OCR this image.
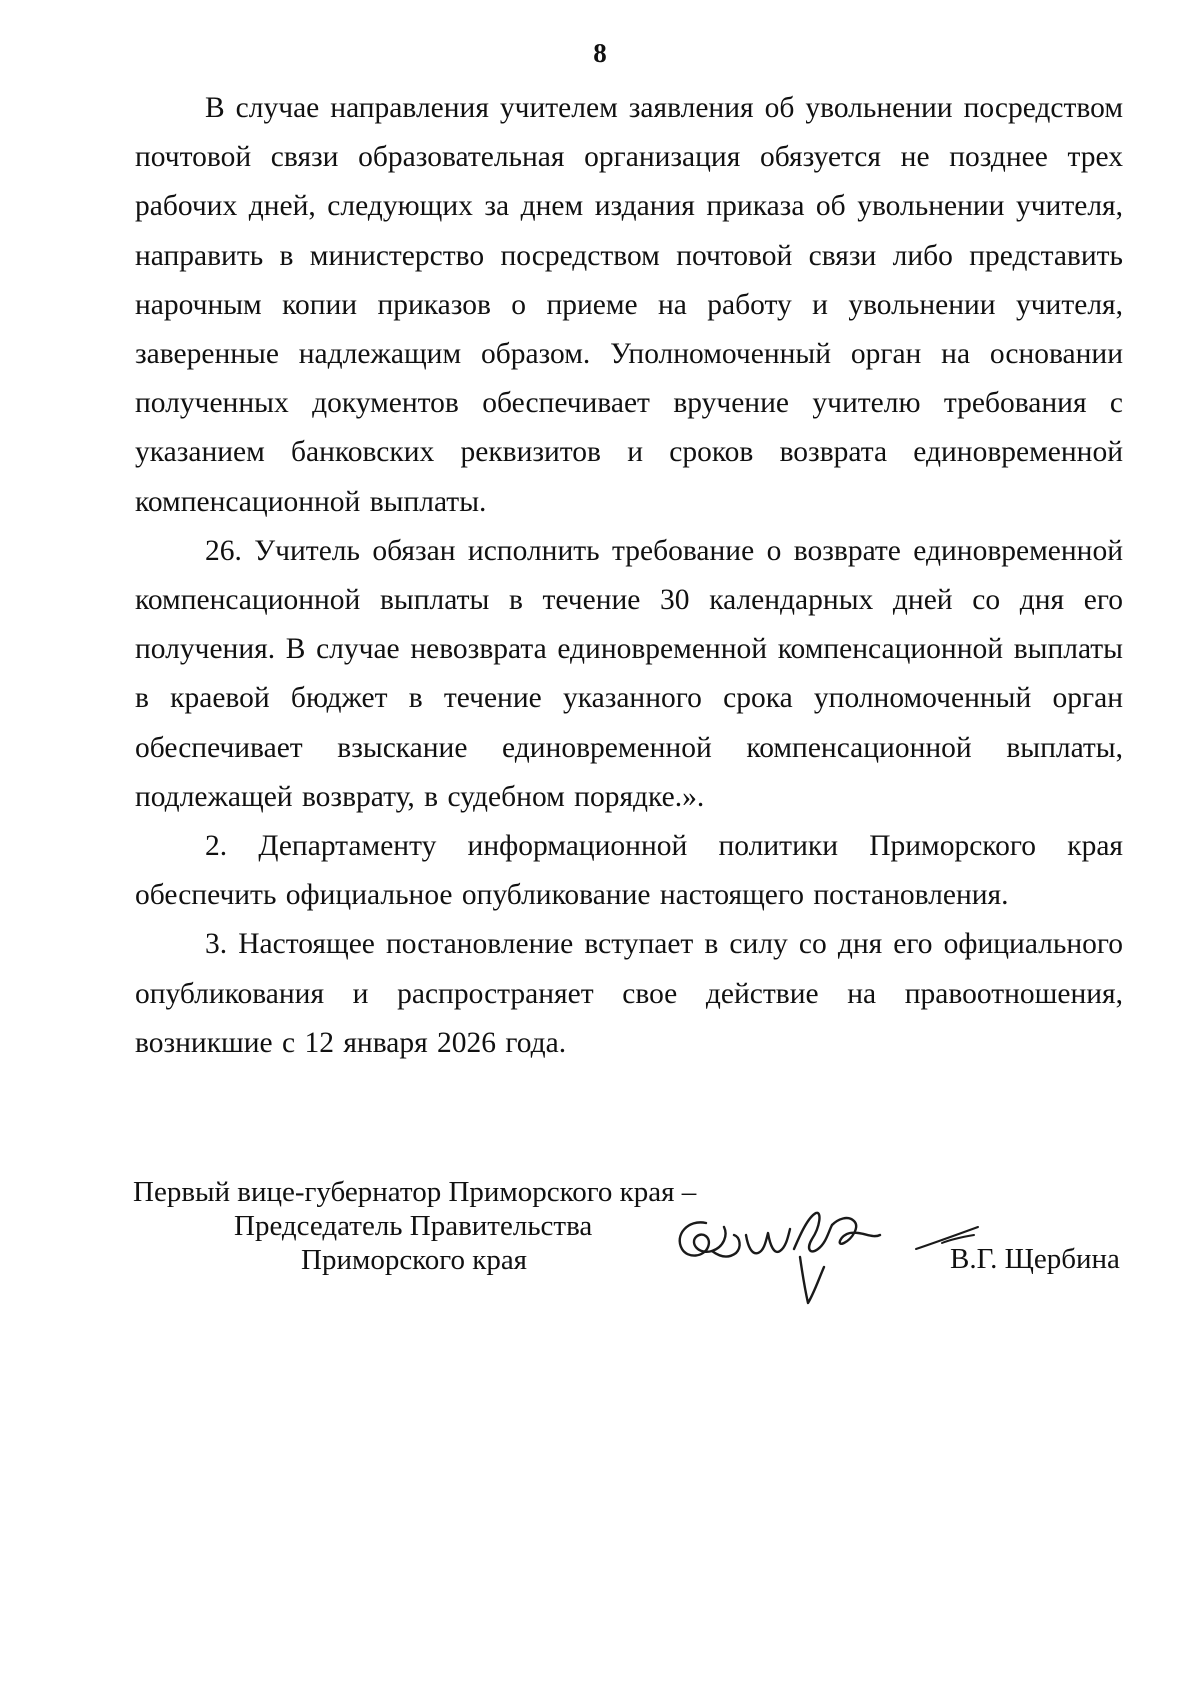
8

В случае направления учителем заявления об увольнении посредством почтовой связи образовательная организация обязуется не позднее трех рабочих дней, следующих за днем издания приказа об увольнении учителя, направить в министерство посредством почтовой связи либо представить нарочным копии приказов о приеме на работу и увольнении учителя, заверенные надлежащим образом. Уполномоченный орган на основании полученных документов обеспечивает вручение учителю требования с указанием банковских реквизитов и сроков возврата единовременной компенсационной выплаты.

26. Учитель обязан исполнить требование о возврате единовременной компенсационной выплаты в течение 30 календарных дней со дня его получения. В случае невозврата единовременной компенсационной выплаты в краевой бюджет в течение указанного срока уполномоченный орган обеспечивает взыскание единовременной компенсационной выплаты, подлежащей возврату, в судебном порядке.».

2. Департаменту информационной политики Приморского края обеспечить официальное опубликование настоящего постановления.

3. Настоящее постановление вступает в силу со дня его официального опубликования и распространяет свое действие на правоотношения, возникшие с 12 января 2026 года.

Первый вице-губернатор Приморского края –
Председатель Правительства
Приморского края	В.Г. Щербина
